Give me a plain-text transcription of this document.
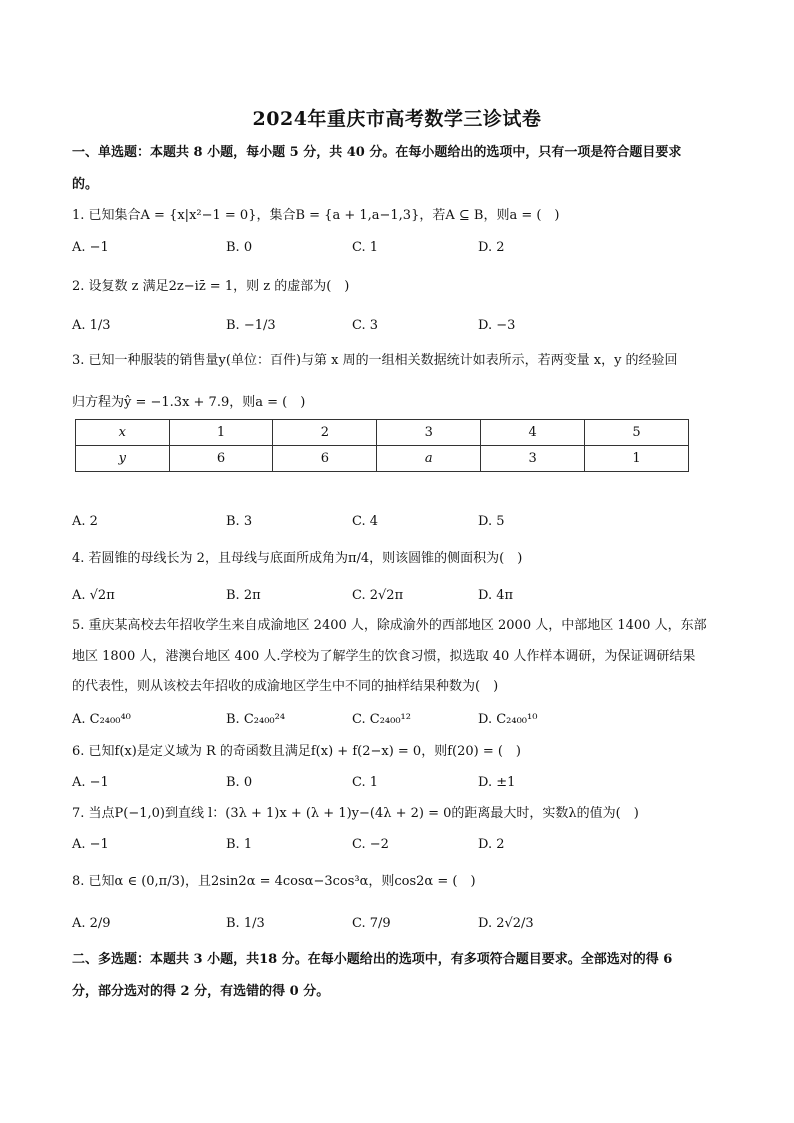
2024年重庆市高考数学三诊试卷
一、单选题：本题共 8 小题，每小题 5 分，共 40 分。在每小题给出的选项中，只有一项是符合题目要求
的。
1. 已知集合A = {x|x²−1 = 0}，集合B = {a + 1,a−1,3}，若A ⊆ B，则a = (　)
A. −1	B. 0	C. 1	D. 2
2. 设复数 z 满足2z−iz̄ = 1，则 z 的虚部为(　)
A. 1/3	B. −1/3	C. 3	D. −3
3. 已知一种服装的销售量y(单位：百件)与第 x 周的一组相关数据统计如表所示，若两变量 x，y 的经验回
归方程为ŷ = −1.3x + 7.9，则a = (　)
x	1	2	3	4	5
y	6	6	a	3	1
A. 2	B. 3	C. 4	D. 5
4. 若圆锥的母线长为 2，且母线与底面所成角为π/4，则该圆锥的侧面积为(　)
A. √2π	B. 2π	C. 2√2π	D. 4π
5. 重庆某高校去年招收学生来自成渝地区 2400 人，除成渝外的西部地区 2000 人，中部地区 1400 人，东部
地区 1800 人，港澳台地区 400 人.学校为了解学生的饮食习惯，拟选取 40 人作样本调研，为保证调研结果
的代表性，则从该校去年招收的成渝地区学生中不同的抽样结果种数为(　)
A. C₂₄₀₀⁴⁰	B. C₂₄₀₀²⁴	C. C₂₄₀₀¹²	D. C₂₄₀₀¹⁰
6. 已知f(x)是定义域为 R 的奇函数且满足f(x) + f(2−x) = 0，则f(20) = (　)
A. −1	B. 0	C. 1	D. ±1
7. 当点P(−1,0)到直线 l：(3λ + 1)x + (λ + 1)y−(4λ + 2) = 0的距离最大时，实数λ的值为(　)
A. −1	B. 1	C. −2	D. 2
8. 已知α ∈ (0,π/3)，且2sin2α = 4cosα−3cos³α，则cos2α = (　)
A. 2/9	B. 1/3	C. 7/9	D. 2√2/3
二、多选题：本题共 3 小题，共18 分。在每小题给出的选项中，有多项符合题目要求。全部选对的得 6
分，部分选对的得 2 分，有选错的得 0 分。
